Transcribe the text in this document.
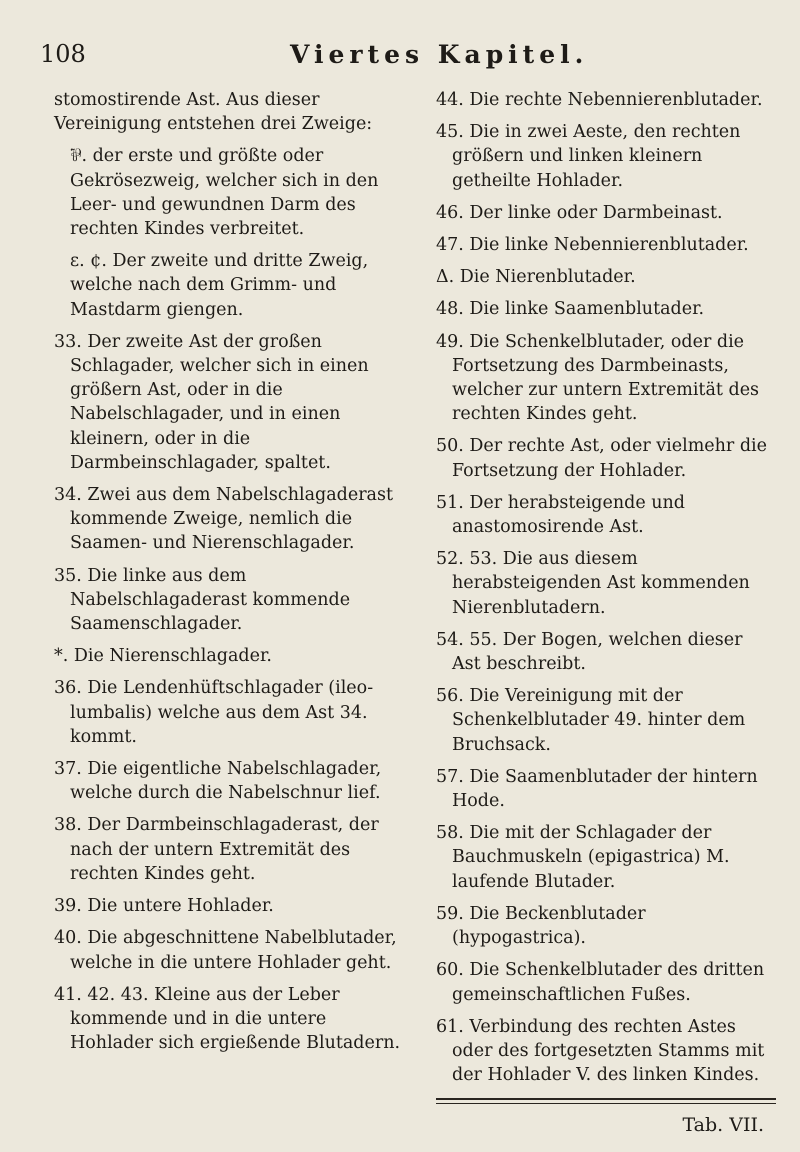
108	Viertes Kapitel.

stomostirende Ast. Aus dieser Vereinigung entstehen drei Zweige:

⅌. der erste und größte oder Gekrösezweig, welcher sich in den Leer- und gewundnen Darm des rechten Kindes verbreitet.

ɛ. ¢. Der zweite und dritte Zweig, welche nach dem Grimm- und Mastdarm giengen.

33. Der zweite Ast der großen Schlagader, welcher sich in einen größern Ast, oder in die Nabelschlagader, und in einen kleinern, oder in die Darmbeinschlagader, spaltet.

34. Zwei aus dem Nabelschlagaderast kommende Zweige, nemlich die Saamen- und Nierenschlagader.

35. Die linke aus dem Nabelschlagaderast kommende Saamenschlagader.

*. Die Nierenschlagader.

36. Die Lendenhüftschlagader (ileo-lumbalis) welche aus dem Ast 34. kommt.

37. Die eigentliche Nabelschlagader, welche durch die Nabelschnur lief.

38. Der Darmbeinschlagaderast, der nach der untern Extremität des rechten Kindes geht.

39. Die untere Hohlader.

40. Die abgeschnittene Nabelblutader, welche in die untere Hohlader geht.

41. 42. 43. Kleine aus der Leber kommende und in die untere Hohlader sich ergießende Blutadern.

44. Die rechte Nebennierenblutader.

45. Die in zwei Aeste, den rechten größern und linken kleinern getheilte Hohlader.

46. Der linke oder Darmbeinast.

47. Die linke Nebennierenblutader.

Δ. Die Nierenblutader.

48. Die linke Saamenblutader.

49. Die Schenkelblutader, oder die Fortsetzung des Darmbeinasts, welcher zur untern Extremität des rechten Kindes geht.

50. Der rechte Ast, oder vielmehr die Fortsetzung der Hohlader.

51. Der herabsteigende und anastomosirende Ast.

52. 53. Die aus diesem herabsteigenden Ast kommenden Nierenblutadern.

54. 55. Der Bogen, welchen dieser Ast beschreibt.

56. Die Vereinigung mit der Schenkelblutader 49. hinter dem Bruchsack.

57. Die Saamenblutader der hintern Hode.

58. Die mit der Schlagader der Bauchmuskeln (epigastrica) M. laufende Blutader.

59. Die Beckenblutader (hypogastrica).

60. Die Schenkelblutader des dritten gemeinschaftlichen Fußes.

61. Verbindung des rechten Astes oder des fortgesetzten Stamms mit der Hohlader V. des linken Kindes.

Tab. VII.
